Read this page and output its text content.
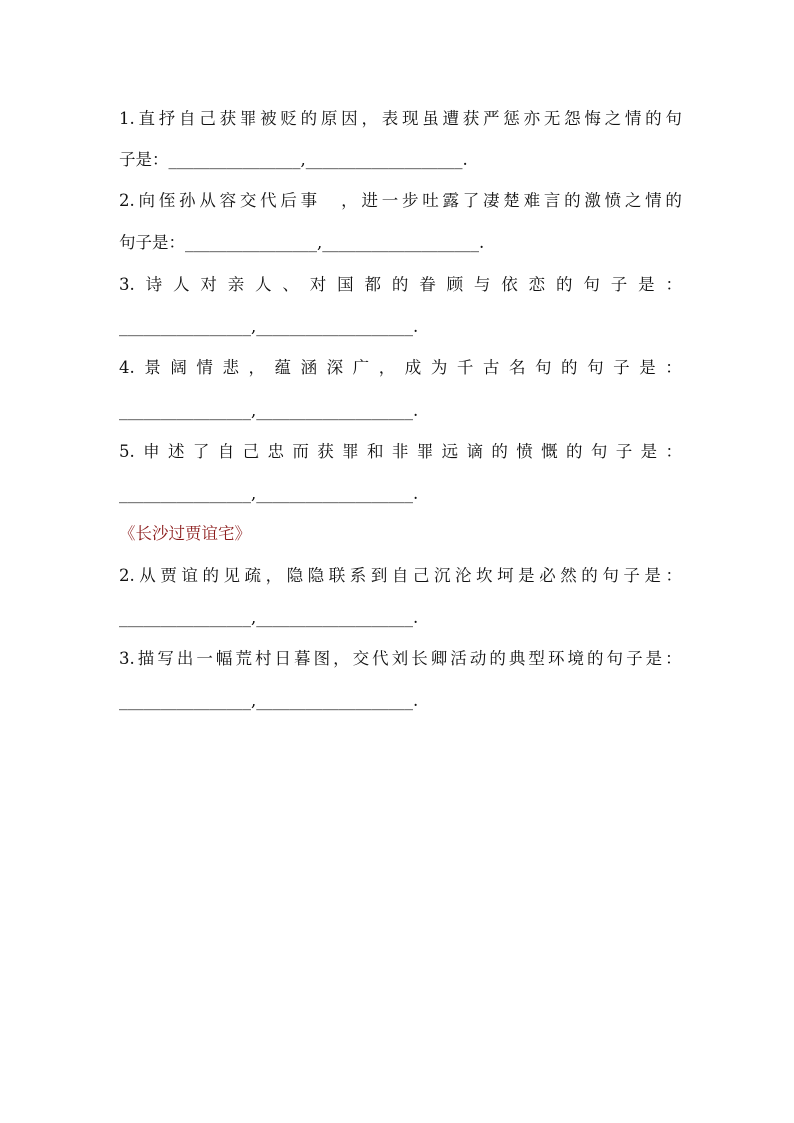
1. 直 抒 自 己 获 罪 被 贬 的 原 因 ， 表 现 虽 遭 获 严 惩 亦 无 怨 悔 之 情 的 句
子是：________________,___________________.
2. 向 侄 孙 从 容 交 代 后 事
　 ， 进 一 步 吐 露 了 凄 楚 难 言 的 激 愤 之 情 的
句子是：________________,___________________.
3. 诗 人 对 亲 人 、 对 国 都 的 眷 顾 与 依 恋 的 句 子 是 ：
________________,___________________.
4. 景 阔 情 悲 ， 蕴 涵 深 广 ， 成 为 千 古 名 句 的 句 子 是 ：
________________,___________________.
5. 申 述 了 自 己 忠 而 获 罪 和 非 罪 远 谪 的 愤 慨 的 句 子 是 ：
________________,___________________.
《长沙过贾谊宅》
2. 从 贾 谊 的 见 疏 ， 隐 隐 联 系 到 自 己 沉 沦 坎 坷 是 必 然 的 句 子 是 ：
________________,___________________.
3. 描 写 出 一 幅 荒 村 日 暮 图 ， 交 代 刘 长 卿 活 动 的 典 型 环 境 的 句 子 是 ：
________________,___________________.
